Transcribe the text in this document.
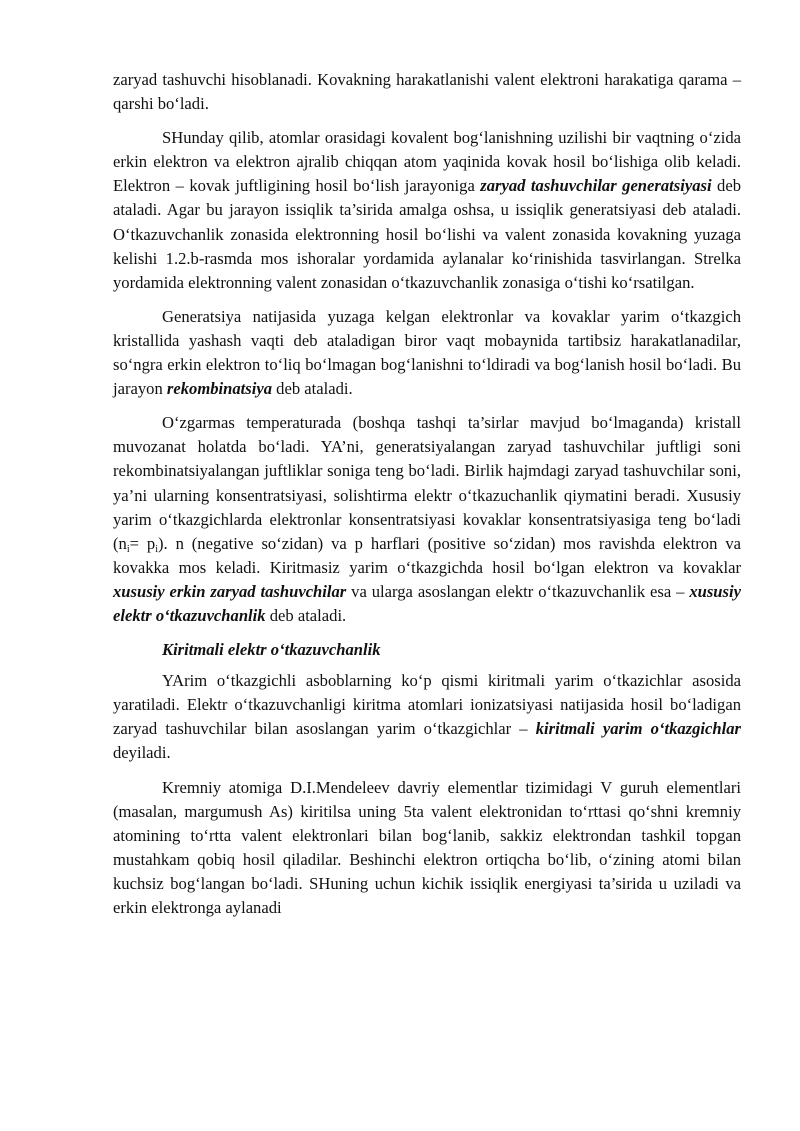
zaryad tashuvchi hisoblanadi. Kovakning harakatlanishi valent elektroni harakatiga qarama – qarshi bo‘ladi.

SHunday qilib, atomlar orasidagi kovalent bog‘lanishning uzilishi bir vaqtning o‘zida erkin elektron va elektron ajralib chiqqan atom yaqinida kovak hosil bo‘lishiga olib keladi. Elektron – kovak juftligining hosil bo‘lish jarayoniga zaryad tashuvchilar generatsiyasi deb ataladi. Agar bu jarayon issiqlik ta’sirida amalga oshsa, u issiqlik generatsiyasi deb ataladi. O‘tkazuvchanlik zonasida elektronning hosil bo‘lishi va valent zonasida kovakning yuzaga kelishi 1.2.b-rasmda mos ishoralar yordamida aylanalar ko‘rinishida tasvirlangan. Strelka yordamida elektronning valent zonasidan o‘tkazuvchanlik zonasiga o‘tishi ko‘rsatilgan.

Generatsiya natijasida yuzaga kelgan elektronlar va kovaklar yarim o‘tkazgich kristallida yashash vaqti deb ataladigan biror vaqt mobaynida tartibsiz harakatlanadilar, so‘ngra erkin elektron to‘liq bo‘lmagan bog‘lanishni to‘ldiradi va bog‘lanish hosil bo‘ladi. Bu jarayon rekombinatsiya deb ataladi.

O‘zgarmas temperaturada (boshqa tashqi ta’sirlar mavjud bo‘lmaganda) kristall muvozanat holatda bo‘ladi. YA’ni, generatsiyalangan zaryad tashuvchilar juftligi soni rekombinatsiyalangan juftliklar soniga teng bo‘ladi. Birlik hajmdagi zaryad tashuvchilar soni, ya’ni ularning konsentratsiyasi, solishtirma elektr o‘tkazuchanlik qiymatini beradi. Xususiy yarim o‘tkazgichlarda elektronlar konsentratsiyasi kovaklar konsentratsiyasiga teng bo‘ladi $(n_i= p_i)$. n (negative so‘zidan) va p harflari (positive so‘zidan) mos ravishda elektron va kovakka mos keladi. Kiritmasiz yarim o‘tkazgichda hosil bo‘lgan elektron va kovaklar xususiy erkin zaryad tashuvchilar va ularga asoslangan elektr o‘tkazuvchanlik esa – xususiy elektr o‘tkazuvchanlik deb ataladi.

Kiritmali elektr o‘tkazuvchanlik

YArim o‘tkazgichli asboblarning ko‘p qismi kiritmali yarim o‘tkazichlar asosida yaratiladi. Elektr o‘tkazuvchanligi kiritma atomlari ionizatsiyasi natijasida hosil bo‘ladigan zaryad tashuvchilar bilan asoslangan yarim o‘tkazgichlar – kiritmali yarim o‘tkazgichlar deyiladi.

Kremniy atomiga D.I.Mendeleev davriy elementlar tizimidagi V guruh elementlari (masalan, margumush As) kiritilsa uning 5ta valent elektronidan to‘rttasi qo‘shni kremniy atomining to‘rtta valent elektronlari bilan bog‘lanib, sakkiz elektrondan tashkil topgan mustahkam qobiq hosil qiladilar. Beshinchi elektron ortiqcha bo‘lib, o‘zining atomi bilan kuchsiz bog‘langan bo‘ladi. SHuning uchun kichik issiqlik energiyasi ta’sirida u uziladi va erkin elektronga aylanadi
